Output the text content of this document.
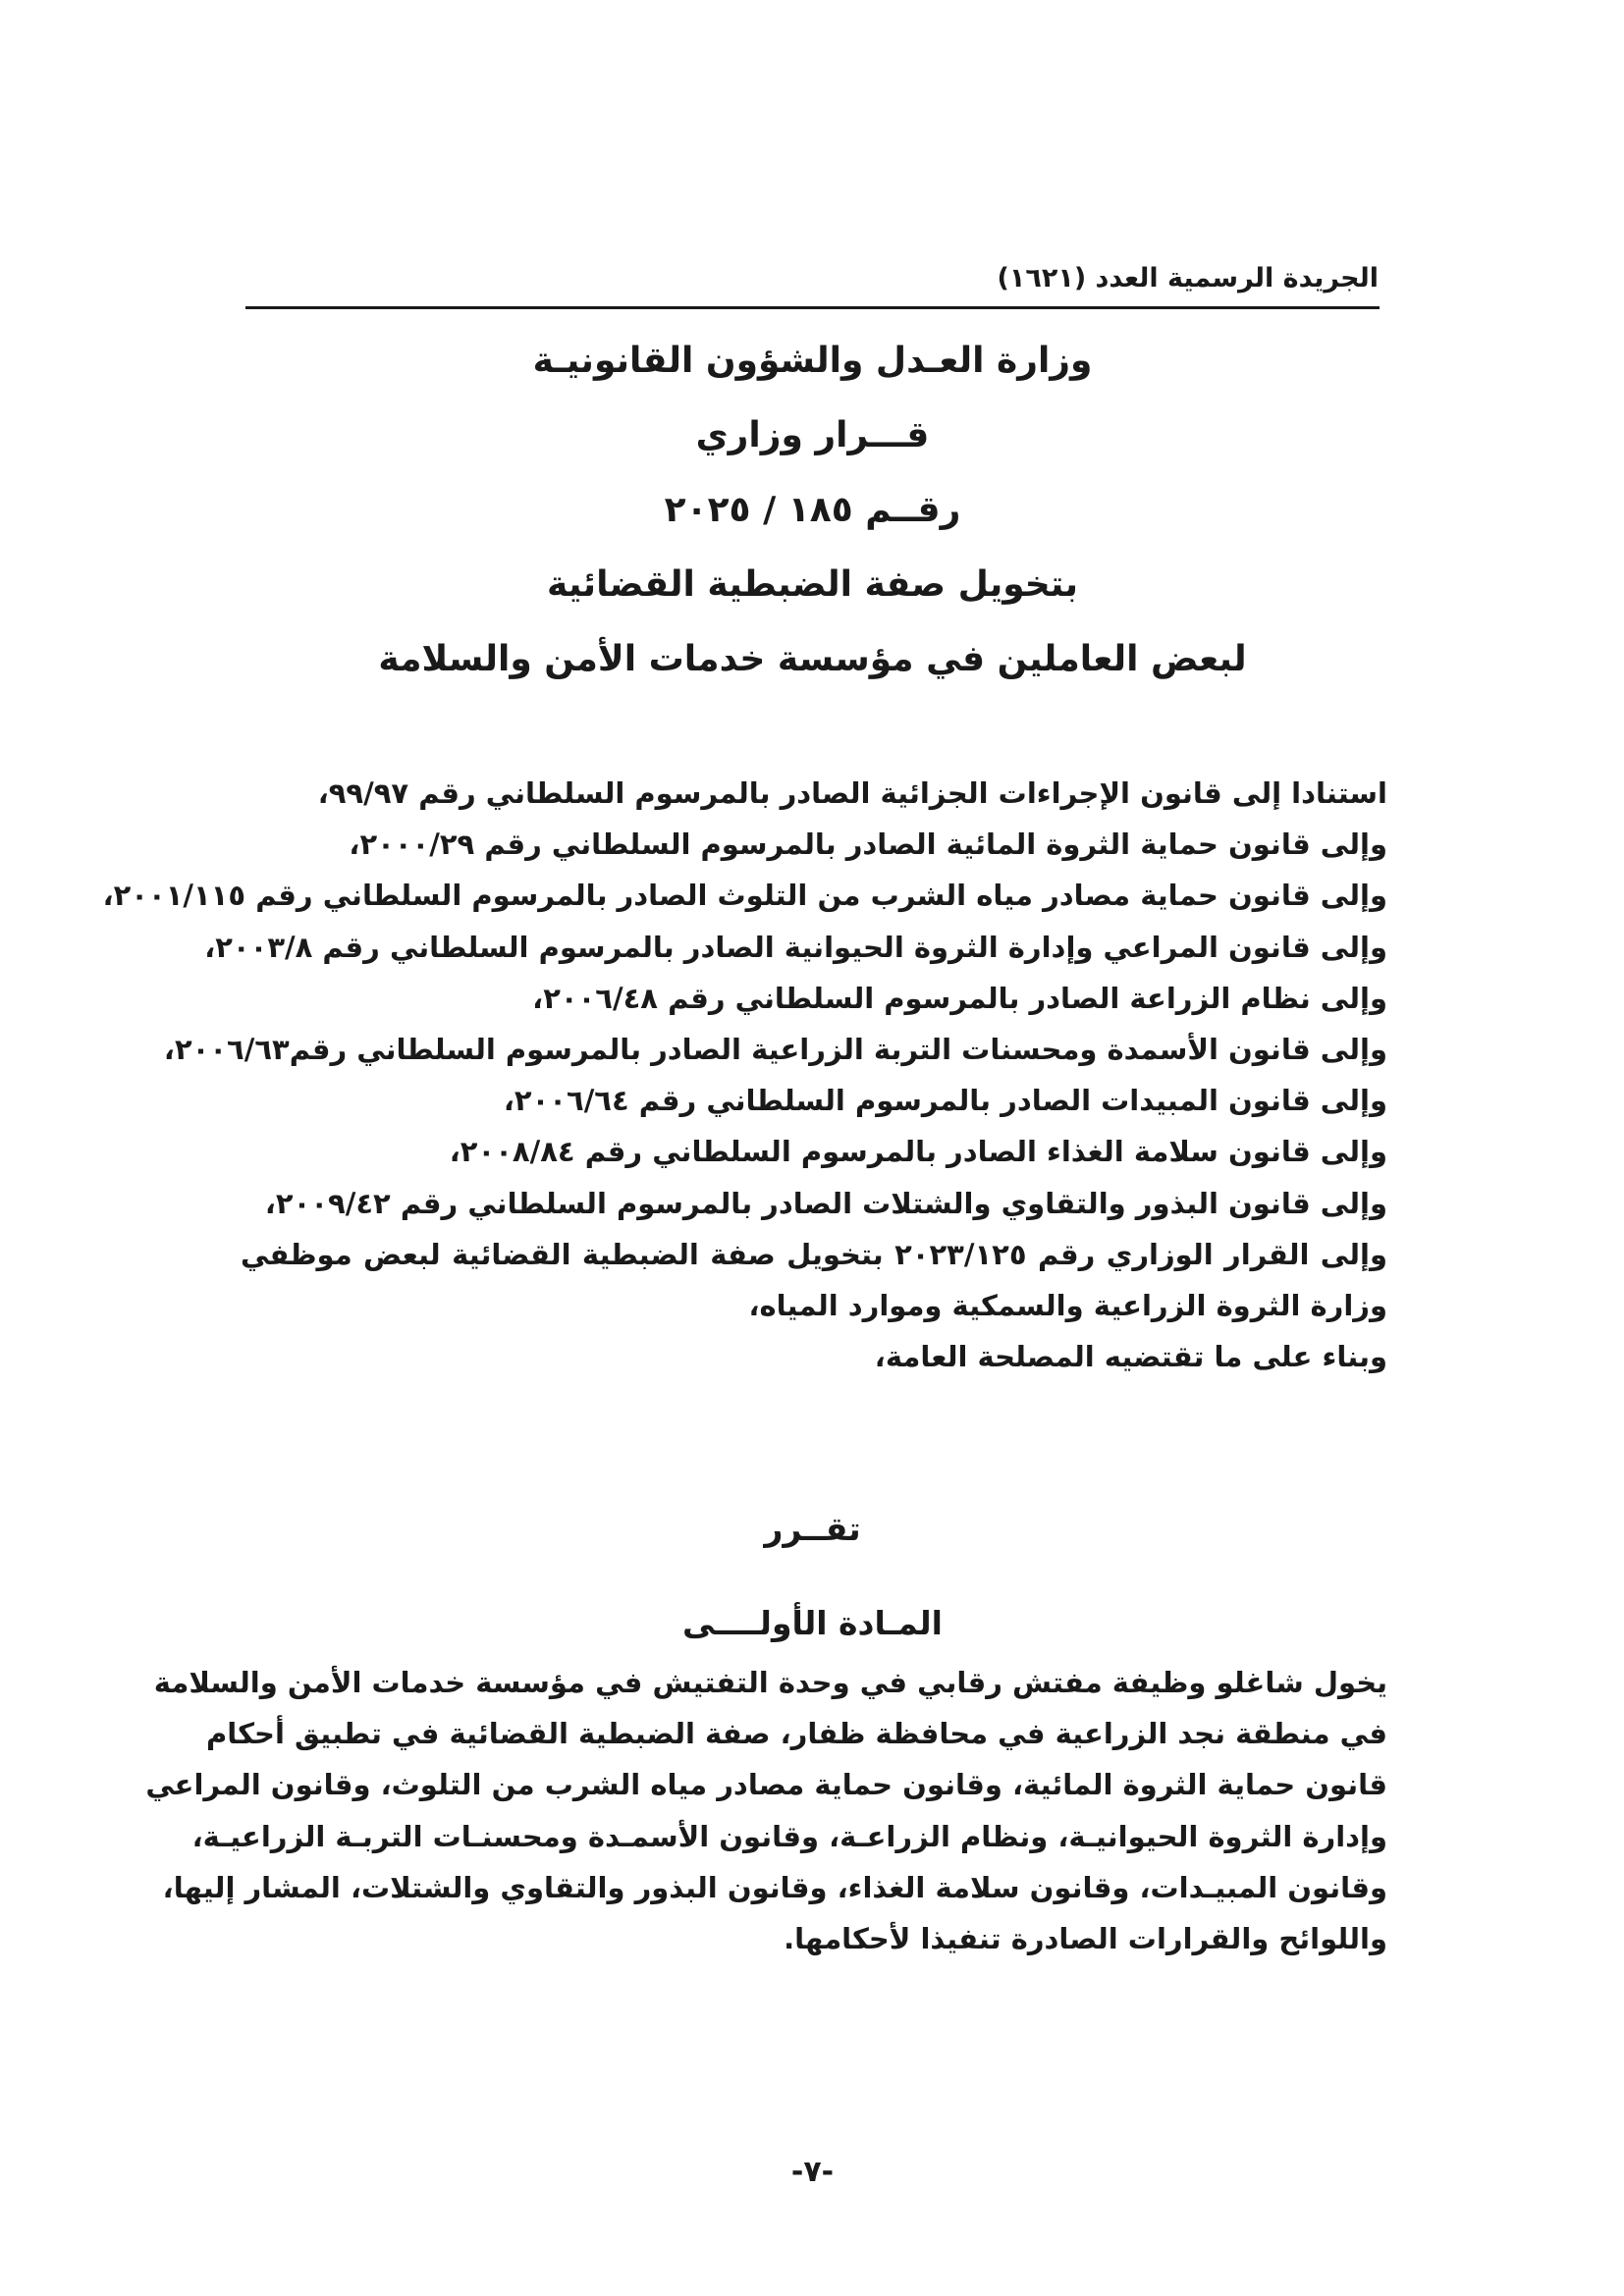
الجريدة الرسمية العدد (١٦٢١)
وزارة العـدل والشؤون القانونيـة
قـــرار وزاري
رقــم ١٨٥ / ٢٠٢٥
بتخويل صفة الضبطية القضائية
لبعض العاملين في مؤسسة خدمات الأمن والسلامة
استنادا إلى قانون الإجراءات الجزائية الصادر بالمرسوم السلطاني رقم ٩٩/٩٧،
وإلى قانون حماية الثروة المائية الصادر بالمرسوم السلطاني رقم ٢٠٠٠/٢٩،
وإلى قانون حماية مصادر مياه الشرب من التلوث الصادر بالمرسوم السلطاني رقم ٢٠٠١/١١٥،
وإلى قانون المراعي وإدارة الثروة الحيوانية الصادر بالمرسوم السلطاني رقم ٢٠٠٣/٨،
وإلى نظام الزراعة الصادر بالمرسوم السلطاني رقم ٢٠٠٦/٤٨،
وإلى قانون الأسمدة ومحسنات التربة الزراعية الصادر بالمرسوم السلطاني رقم٢٠٠٦/٦٣،
وإلى قانون المبيدات الصادر بالمرسوم السلطاني رقم ٢٠٠٦/٦٤،
وإلى قانون سلامة الغذاء الصادر بالمرسوم السلطاني رقم ٢٠٠٨/٨٤،
وإلى قانون البذور والتقاوي والشتلات الصادر بالمرسوم السلطاني رقم ٢٠٠٩/٤٢،
وإلى القرار الوزاري رقم ٢٠٢٣/١٢٥ بتخويل صفة الضبطية القضائية لبعض موظفي
وزارة الثروة الزراعية والسمكية وموارد المياه،
وبناء على ما تقتضيه المصلحة العامة،
تقــرر
المـادة الأولــــى
يخول شاغلو وظيفة مفتش رقابي في وحدة التفتيش في مؤسسة خدمات الأمن والسلامة
في منطقة نجد الزراعية في محافظة ظفار، صفة الضبطية القضائية في تطبيق أحكام
قانون حماية الثروة المائية، وقانون حماية مصادر مياه الشرب من التلوث، وقانون المراعي
وإدارة الثروة الحيوانيـة، ونظام الزراعـة، وقانون الأسمـدة ومحسنـات التربـة الزراعيـة،
وقانون المبيـدات، وقانون سلامة الغذاء، وقانون البذور والتقاوي والشتلات، المشار إليها،
واللوائح والقرارات الصادرة تنفيذا لأحكامها.
-٧-
